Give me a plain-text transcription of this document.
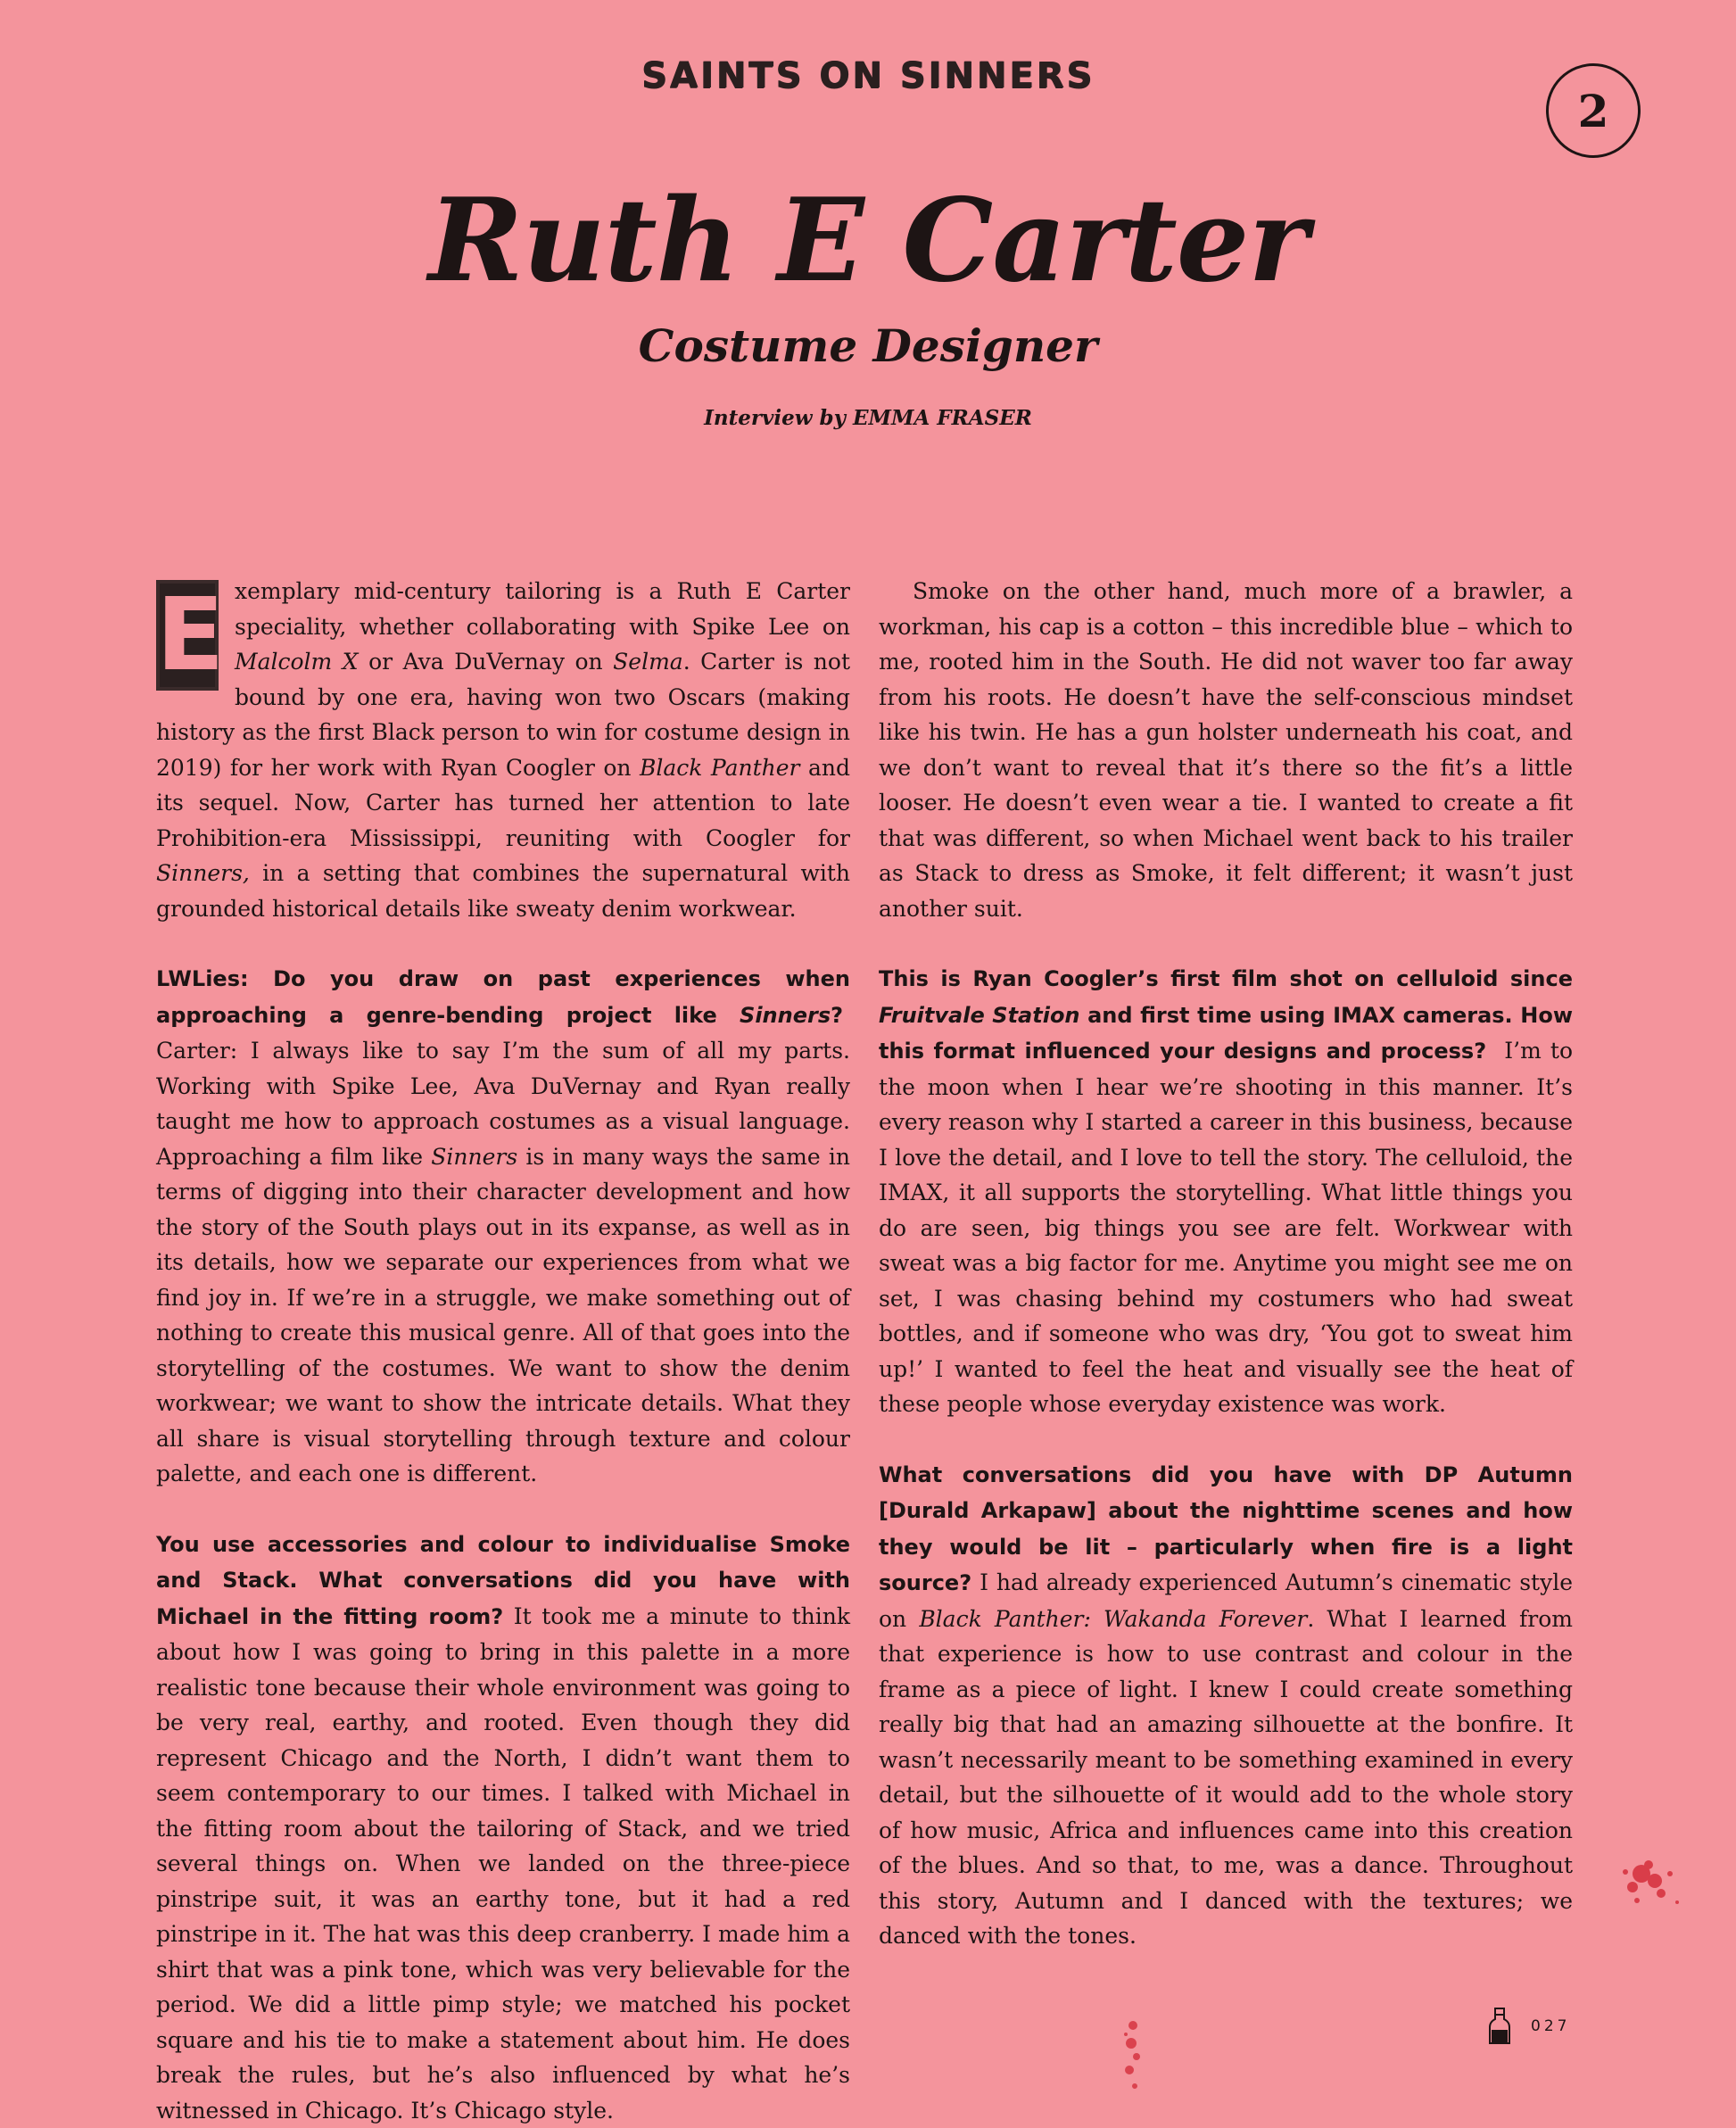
SAINTS ON SINNERS
2
Ruth E Carter
Costume Designer
Interview by EMMA FRASER

E xemplary mid-century tailoring is a Ruth E Carter speciality, whether collaborating with Spike Lee on Malcolm X or Ava DuVernay on Selma. Carter is not bound by one era, having won two Oscars (making history as the first Black person to win for costume design in 2019) for her work with Ryan Coogler on Black Panther and its sequel. Now, Carter has turned her attention to late Prohibition-era Mississippi, reuniting with Coogler for Sinners, in a setting that combines the supernatural with grounded historical details like sweaty denim workwear.

LWLies: Do you draw on past experiences when approaching a genre-bending project like Sinners?  Carter: I always like to say I’m the sum of all my parts. Working with Spike Lee, Ava DuVernay and Ryan really taught me how to approach costumes as a visual language. Approaching a film like Sinners is in many ways the same in terms of digging into their character development and how the story of the South plays out in its expanse, as well as in its details, how we separate our experiences from what we find joy in. If we’re in a struggle, we make something out of nothing to create this musical genre. All of that goes into the storytelling of the costumes. We want to show the denim workwear; we want to show the intricate details. What they all share is visual storytelling through texture and colour palette, and each one is different.

You use accessories and colour to individualise Smoke and Stack. What conversations did you have with Michael in the fitting room? It took me a minute to think about how I was going to bring in this palette in a more realistic tone because their whole environment was going to be very real, earthy, and rooted. Even though they did represent Chicago and the North, I didn’t want them to seem contemporary to our times. I talked with Michael in the fitting room about the tailoring of Stack, and we tried several things on. When we landed on the three-piece pinstripe suit, it was an earthy tone, but it had a red pinstripe in it. The hat was this deep cranberry. I made him a shirt that was a pink tone, which was very believable for the period. We did a little pimp style; we matched his pocket square and his tie to make a statement about him. He does break the rules, but he’s also influenced by what he’s witnessed in Chicago. It’s Chicago style.

Smoke on the other hand, much more of a brawler, a workman, his cap is a cotton – this incredible blue – which to me, rooted him in the South. He did not waver too far away from his roots. He doesn’t have the self-conscious mindset like his twin. He has a gun holster underneath his coat, and we don’t want to reveal that it’s there so the fit’s a little looser. He doesn’t even wear a tie. I wanted to create a fit that was different, so when Michael went back to his trailer as Stack to dress as Smoke, it felt different; it wasn’t just another suit.

This is Ryan Coogler’s first film shot on celluloid since Fruitvale Station and first time using IMAX cameras. How this format influenced your designs and process? I’m to the moon when I hear we’re shooting in this manner. It’s every reason why I started a career in this business, because I love the detail, and I love to tell the story. The celluloid, the IMAX, it all supports the storytelling. What little things you do are seen, big things you see are felt. Workwear with sweat was a big factor for me. Anytime you might see me on set, I was chasing behind my costumers who had sweat bottles, and if someone who was dry, ‘You got to sweat him up!’ I wanted to feel the heat and visually see the heat of these people whose everyday existence was work.

What conversations did you have with DP Autumn [Durald Arkapaw] about the nighttime scenes and how they would be lit – particularly when fire is a light source? I had already experienced Autumn’s cinematic style on Black Panther: Wakanda Forever. What I learned from that experience is how to use contrast and colour in the frame as a piece of light. I knew I could create something really big that had an amazing silhouette at the bonfire. It wasn’t necessarily meant to be something examined in every detail, but the silhouette of it would add to the whole story of how music, Africa and influences came into this creation of the blues. And so that, to me, was a dance. Throughout this story, Autumn and I danced with the textures; we danced with the tones.

027
